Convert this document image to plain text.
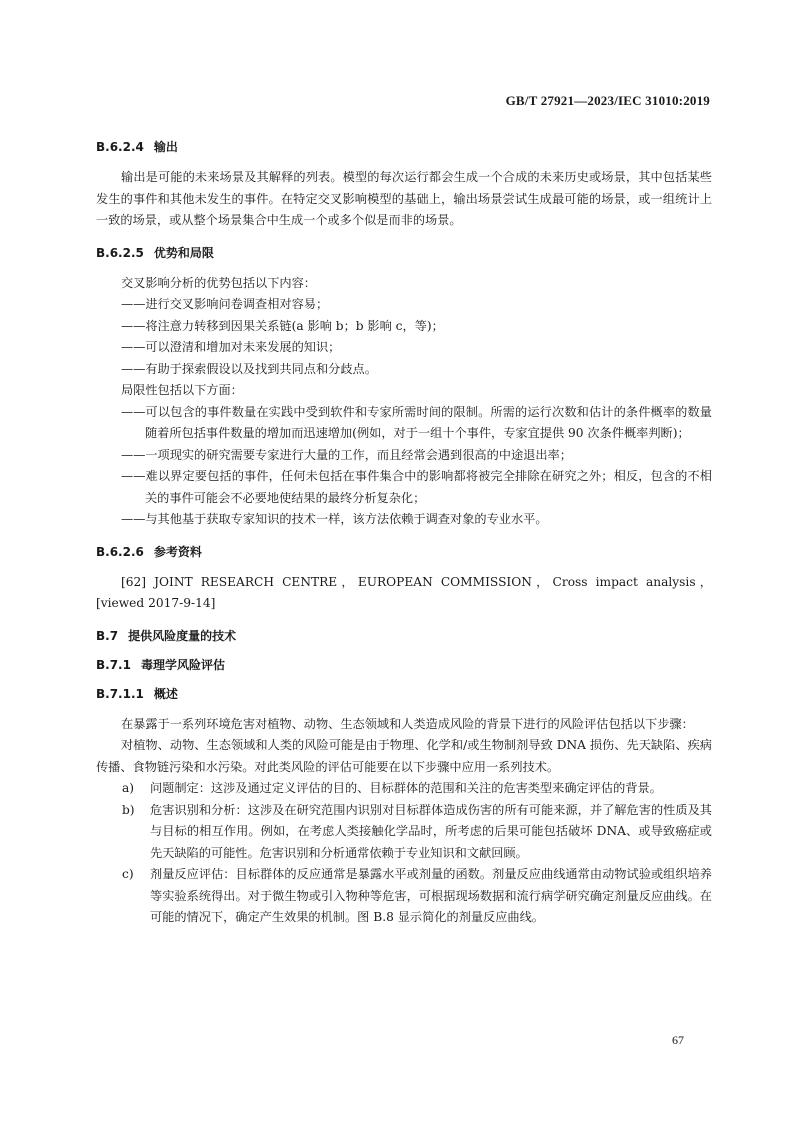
GB/T 27921—2023/IEC 31010:2019
B.6.2.4 输出

输出是可能的未来场景及其解释的列表。模型的每次运行都会生成一个合成的未来历史或场景，其中包括某些发生的事件和其他未发生的事件。在特定交叉影响模型的基础上，输出场景尝试生成最可能的场景，或一组统计上一致的场景，或从整个场景集合中生成一个或多个似是而非的场景。

B.6.2.5 优势和局限

交叉影响分析的优势包括以下内容：

——进行交叉影响问卷调查相对容易；

——将注意力转移到因果关系链(a 影响 b；b 影响 c，等)；

——可以澄清和增加对未来发展的知识；

——有助于探索假设以及找到共同点和分歧点。

局限性包括以下方面：

——可以包含的事件数量在实践中受到软件和专家所需时间的限制。所需的运行次数和估计的条件概率的数量随着所包括事件数量的增加而迅速增加(例如，对于一组十个事件，专家宜提供 90 次条件概率判断)；

——一项现实的研究需要专家进行大量的工作，而且经常会遇到很高的中途退出率；

——难以界定要包括的事件，任何未包括在事件集合中的影响都将被完全排除在研究之外；相反，包含的不相关的事件可能会不必要地使结果的最终分析复杂化；

——与其他基于获取专家知识的技术一样，该方法依赖于调查对象的专业水平。

B.6.2.6 参考资料

[62] JOINT RESEARCH CENTRE，EUROPEAN COMMISSION，Cross impact analysis，[viewed 2017-9-14]

B.7 提供风险度量的技术
B.7.1 毒理学风险评估
B.7.1.1 概述

在暴露于一系列环境危害对植物、动物、生态领域和人类造成风险的背景下进行的风险评估包括以下步骤：

对植物、动物、生态领域和人类的风险可能是由于物理、化学和/或生物制剂导致 DNA 损伤、先天缺陷、疾病传播、食物链污染和水污染。对此类风险的评估可能要在以下步骤中应用一系列技术。

a)	问题制定：这涉及通过定义评估的目的、目标群体的范围和关注的危害类型来确定评估的背景。
b)	危害识别和分析：这涉及在研究范围内识别对目标群体造成伤害的所有可能来源，并了解危害的性质及其与目标的相互作用。例如，在考虑人类接触化学品时，所考虑的后果可能包括破坏 DNA、或导致癌症或先天缺陷的可能性。危害识别和分析通常依赖于专业知识和文献回顾。
c)	剂量反应评估：目标群体的反应通常是暴露水平或剂量的函数。剂量反应曲线通常由动物试验或组织培养等实验系统得出。对于微生物或引入物种等危害，可根据现场数据和流行病学研究确定剂量反应曲线。在可能的情况下，确定产生效果的机制。图 B.8 显示简化的剂量反应曲线。
67
